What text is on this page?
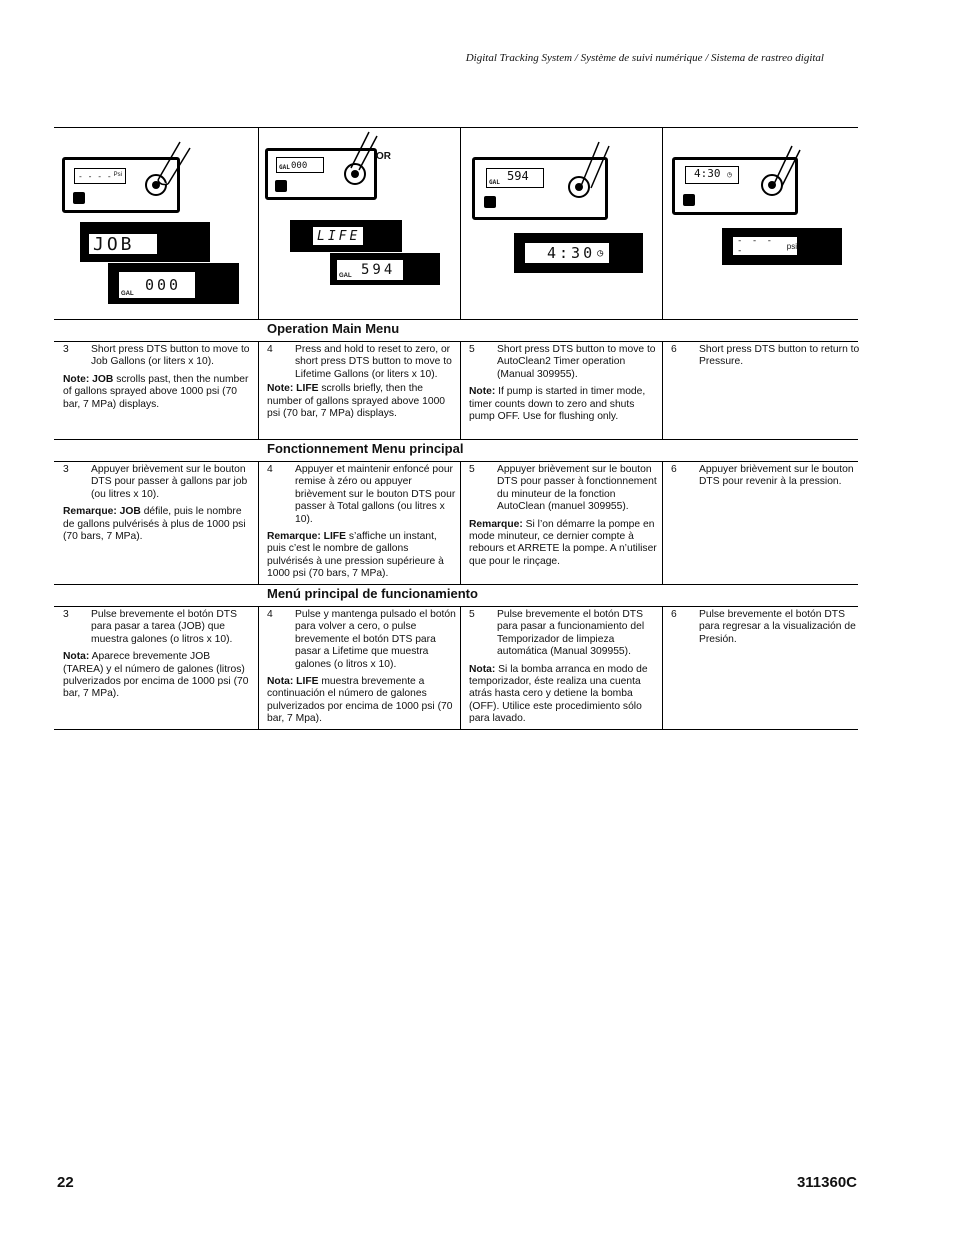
Digital Tracking System / Système de suivi numérique / Sistema de rastreo digital
- - - - Psi
JOB
000
GAL
000
GAL
OR
LIFE
594
GAL
594
GAL
4:30 ◷
4:30 ◷
- - - -	psi
Operation Main Menu
3	Short press DTS button to move to Job Gallons (or liters x 10).
Note: JOB scrolls past, then the number of gallons sprayed above 1000 psi (70 bar, 7 MPa) displays.
4	Press and hold to reset to zero, or short press DTS button to move to Lifetime Gallons (or liters x 10).
Note: LIFE scrolls briefly, then the number of gallons sprayed above 1000 psi (70 bar, 7 MPa) displays.
5	Short press DTS button to move to AutoClean2 Timer operation (Manual 309955).
Note: If pump is started in timer mode, timer counts down to zero and shuts pump OFF. Use for flushing only.
6	Short press DTS button to return to Pressure.
Fonctionnement Menu principal
3	Appuyer brièvement sur le bouton DTS pour passer à gallons par job (ou litres x 10).
Remarque: JOB défile, puis le nombre de gallons pulvérisés à plus de 1000 psi (70 bars, 7 MPa).
4	Appuyer et maintenir enfoncé pour remise à zéro ou appuyer brièvement sur le bouton DTS pour passer à Total gallons (ou litres x 10).
Remarque: LIFE s’affiche un instant, puis c’est le nombre de gallons pulvérisés à une pression supérieure à 1000 psi (70 bars, 7 MPa).
5	Appuyer brièvement sur le bouton DTS pour passer à fonctionnement du minuteur de la fonction AutoClean (manuel 309955).
Remarque: Si l’on démarre la pompe en mode minuteur, ce dernier compte à rebours et ARRETE la pompe. A n’utiliser que pour le rinçage.
6	Appuyer brièvement sur le bouton DTS pour revenir à la pression.
Menú principal de funcionamiento
3	Pulse brevemente el botón DTS para pasar a tarea (JOB) que muestra galones (o litros x 10).
Nota: Aparece brevemente JOB (TAREA) y el número de galones (litros) pulverizados por encima de 1000 psi (70 bar, 7 MPa).
4	Pulse y mantenga pulsado el botón para volver a cero, o pulse brevemente el botón DTS para pasar a Lifetime que muestra galones (o litros x 10).
Nota: LIFE muestra brevemente a continuación el número de galones pulverizados por encima de 1000 psi (70 bar, 7 Mpa).
5	Pulse brevemente el botón DTS para pasar a funcionamiento del Temporizador de limpieza automática (Manual 309955).
Nota: Si la bomba arranca en modo de temporizador, éste realiza una cuenta atrás hasta cero y detiene la bomba (OFF). Utilice este procedimiento sólo para lavado.
6	Pulse brevemente el botón DTS para regresar a la visualización de Presión.
22	311360C
